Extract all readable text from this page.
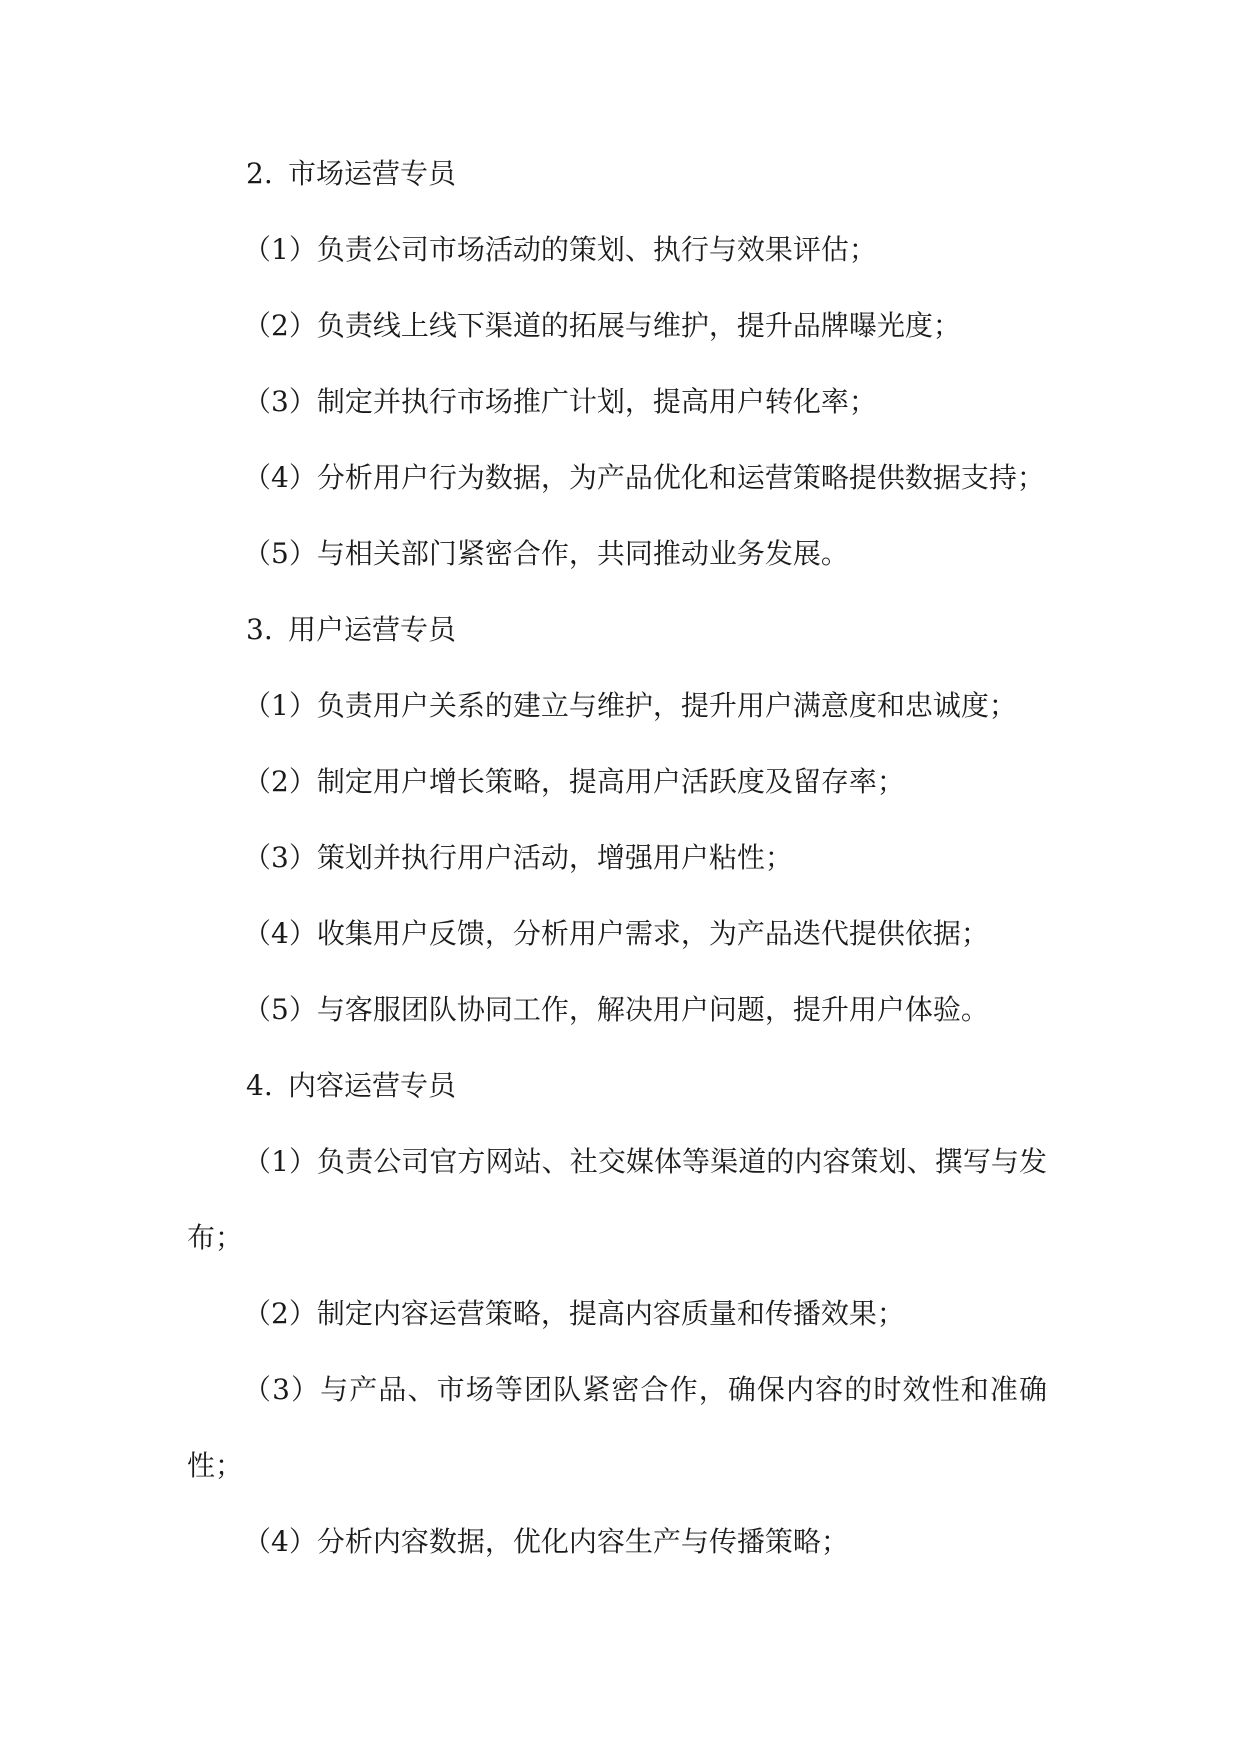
2. 市场运营专员

（1）负责公司市场活动的策划、执行与效果评估；

（2）负责线上线下渠道的拓展与维护，提升品牌曝光度；

（3）制定并执行市场推广计划，提高用户转化率；

（4）分析用户行为数据，为产品优化和运营策略提供数据支持；

（5）与相关部门紧密合作，共同推动业务发展。

3. 用户运营专员

（1）负责用户关系的建立与维护，提升用户满意度和忠诚度；

（2）制定用户增长策略，提高用户活跃度及留存率；

（3）策划并执行用户活动，增强用户粘性；

（4）收集用户反馈，分析用户需求，为产品迭代提供依据；

（5）与客服团队协同工作，解决用户问题，提升用户体验。

4. 内容运营专员

（1）负责公司官方网站、社交媒体等渠道的内容策划、撰写与发布；

（2）制定内容运营策略，提高内容质量和传播效果；

（3）与产品、市场等团队紧密合作，确保内容的时效性和准确性；

（4）分析内容数据，优化内容生产与传播策略；
